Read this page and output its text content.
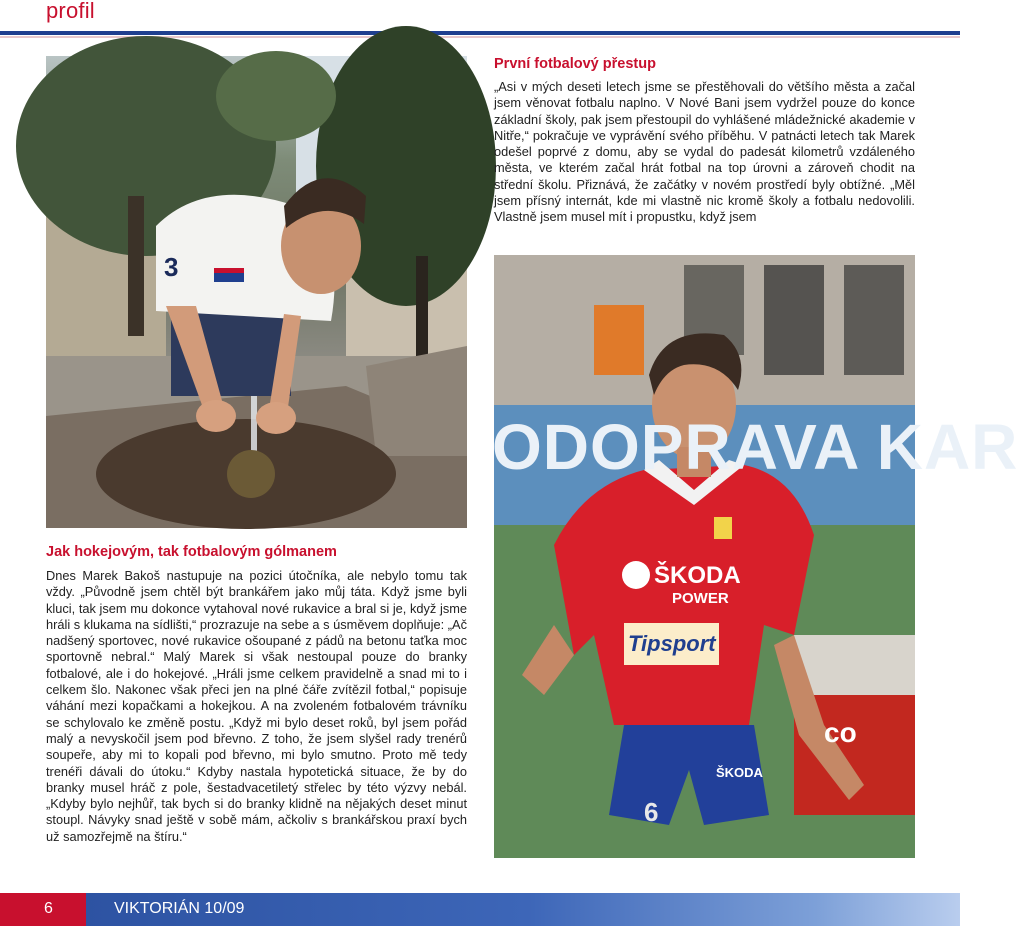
profil
3
První fotbalový přestup

„Asi v mých deseti letech jsme se přestěhovali do většího města a začal jsem věnovat fotbalu naplno. V Nové Bani jsem vydržel pouze do konce základní školy, pak jsem přestoupil do vyhlášené mládežnické akademie v Nitře,“ pokračuje ve vyprávění svého příběhu. V patnácti letech tak Marek odešel poprvé z domu, aby se vydal do padesát kilometrů vzdáleného města, ve kterém začal hrát fotbal na top úrovni a zároveň chodit na střední školu. Přiznává, že začátky v novém prostředí byly obtížné. „Měl jsem přísný internát, kde mi vlastně nic kromě školy a fotbalu nedovolili. Vlastně jsem musel mít i propustku, když jsem

ODOPRAVA KAR
ŠKODA
POWER
Tipsport
ŠKODA
6
co
Jak hokejovým, tak fotbalovým gólmanem

Dnes Marek Bakoš nastupuje na pozici útočníka, ale nebylo tomu tak vždy. „Původně jsem chtěl být brankářem jako můj táta. Když jsme byli kluci, tak jsem mu dokonce vytahoval nové rukavice a bral si je, když jsme hráli s klukama na sídlišti,“ prozrazuje na sebe a s úsměvem doplňuje: „Ač nadšený sportovec, nové rukavice ošoupané z pádů na betonu taťka moc sportovně nebral.“ Malý Marek si však nestoupal pouze do branky fotbalové, ale i do hokejové. „Hráli jsme celkem pravidelně a snad mi to i celkem šlo. Nakonec však přeci jen na plné čáře zvítězil fotbal,“ popisuje váhání mezi kopačkami a hokejkou. A na zvoleném fotbalovém trávníku se schylovalo ke změně postu. „Když mi bylo deset roků, byl jsem pořád malý a nevyskočil jsem pod břevno. Z toho, že jsem slyšel rady trenérů soupeře, aby mi to kopali pod břevno, mi bylo smutno. Proto mě tedy trenéři dávali do útoku.“ Kdyby nastala hypotetická situace, že by do branky musel hráč z pole, šestadvacetiletý střelec by této výzvy nebál. „Kdyby bylo nejhůř, tak bych si do branky klidně na nějakých deset minut stoupl. Návyky snad ještě v sobě mám, ačkoliv s brankářskou praxí bych už samozřejmě na štíru.“

6	VIKTORIÁN 10/09
